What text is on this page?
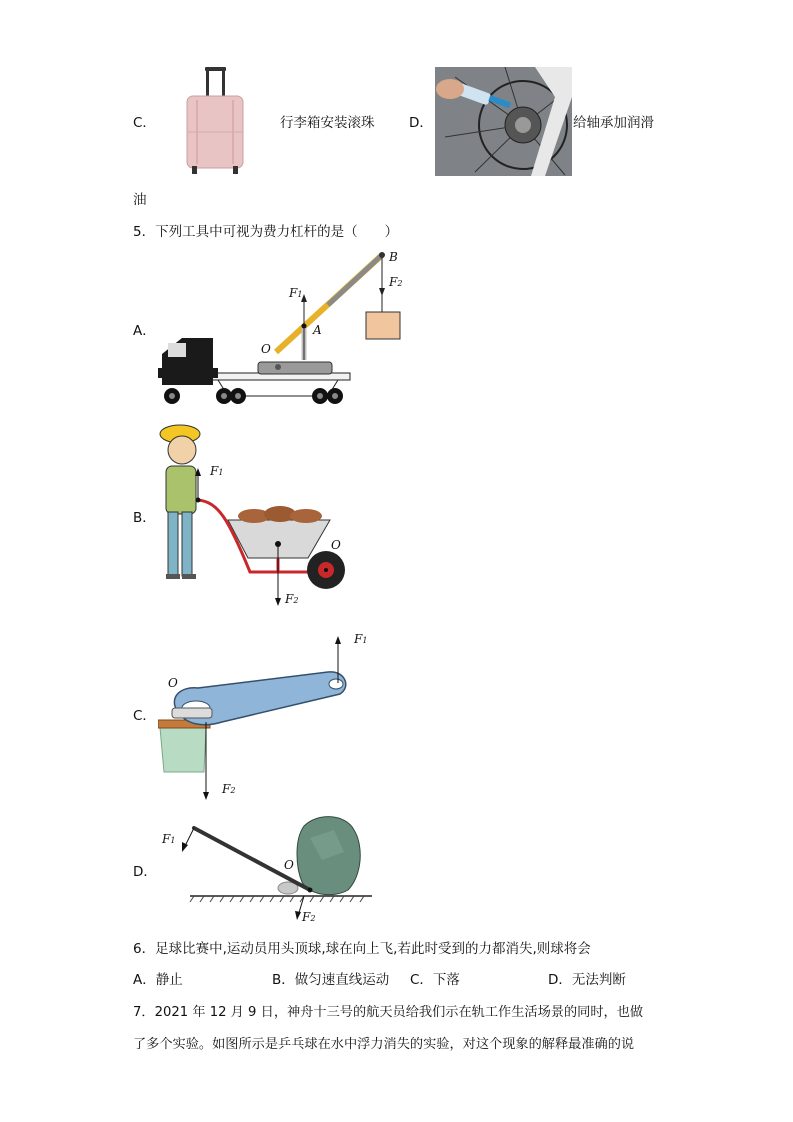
C．	行李箱安装滚珠	D．	给轴承加润滑
油
5．下列工具中可视为费力杠杆的是（　　）
A．
O
A
B
F1
F2
B．
F1
O
F2
C．
O
F1
F2
D．
F1
O
F2
6．足球比赛中,运动员用头顶球,球在向上飞,若此时受到的力都消失,则球将会
A．静止	B．做匀速直线运动 C．下落	D．无法判断
7．2021 年 12 月 9 日，神舟十三号的航天员给我们示在轨工作生活场景的同时，也做
了多个实验。如图所示是乒乓球在水中浮力消失的实验，对这个现象的解释最准确的说
